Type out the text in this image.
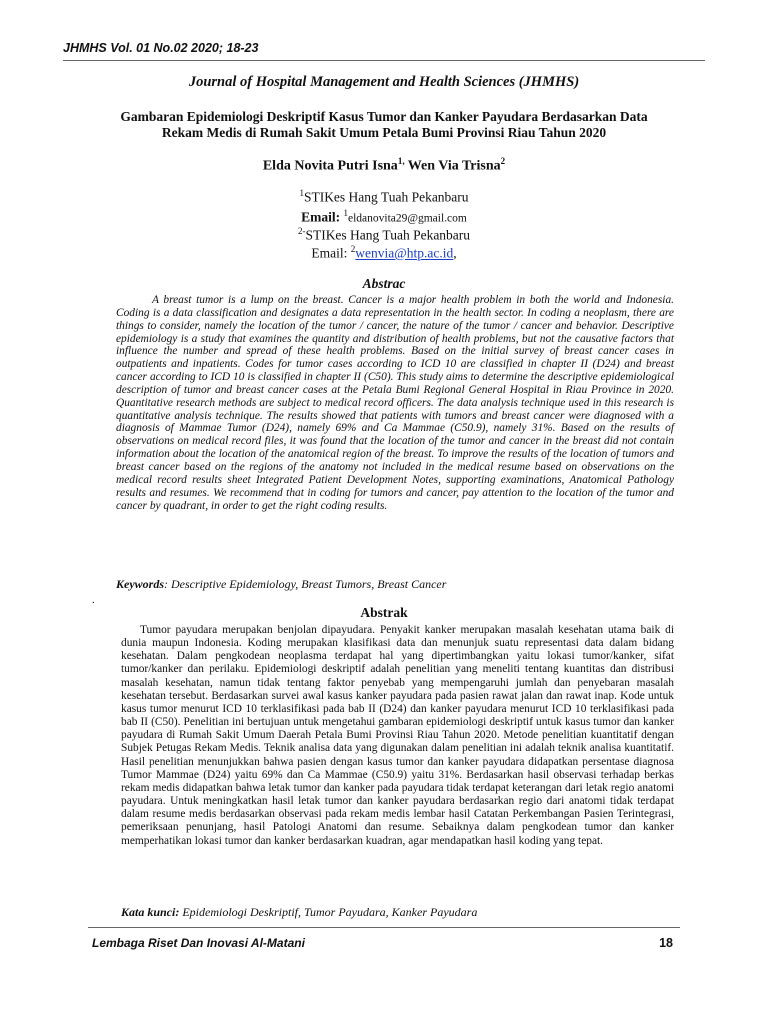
JHMHS Vol. 01 No.02 2020; 18-23
Journal of Hospital Management and Health Sciences (JHMHS)
Gambaran Epidemiologi Deskriptif Kasus Tumor dan Kanker Payudara Berdasarkan Data Rekam Medis di Rumah Sakit Umum Petala Bumi Provinsi Riau Tahun 2020
Elda Novita Putri Isna$^{1,}$ Wen Via Trisna$^2$
$^1$STIKes Hang Tuah Pekanbaru
Email: $^1$eldanovita29@gmail.com
$^{2-}$STIKes Hang Tuah Pekanbaru
Email: $^2$wenvia@htp.ac.id,
Abstrac

A breast tumor is a lump on the breast. Cancer is a major health problem in both the world and Indonesia. Coding is a data classification and designates a data representation in the health sector. In coding a neoplasm, there are things to consider, namely the location of the tumor / cancer, the nature of the tumor / cancer and behavior. Descriptive epidemiology is a study that examines the quantity and distribution of health problems, but not the causative factors that influence the number and spread of these health problems. Based on the initial survey of breast cancer cases in outpatients and inpatients. Codes for tumor cases according to ICD 10 are classified in chapter II (D24) and breast cancer according to ICD 10 is classified in chapter II (C50). This study aims to determine the descriptive epidemiological description of tumor and breast cancer cases at the Petala Bumi Regional General Hospital in Riau Province in 2020. Quantitative research methods are subject to medical record officers. The data analysis technique used in this research is quantitative analysis technique. The results showed that patients with tumors and breast cancer were diagnosed with a diagnosis of Mammae Tumor (D24), namely 69% and Ca Mammae (C50.9), namely 31%. Based on the results of observations on medical record files, it was found that the location of the tumor and cancer in the breast did not contain information about the location of the anatomical region of the breast. To improve the results of the location of tumors and breast cancer based on the regions of the anatomy not included in the medical resume based on observations on the medical record results sheet Integrated Patient Development Notes, supporting examinations, Anatomical Pathology results and resumes. We recommend that in coding for tumors and cancer, pay attention to the location of the tumor and cancer by quadrant, in order to get the right coding results.

Keywords: Descriptive Epidemiology, Breast Tumors, Breast Cancer
.
Abstrak

Tumor payudara merupakan benjolan dipayudara. Penyakit kanker merupakan masalah kesehatan utama baik di dunia maupun Indonesia. Koding merupakan klasifikasi data dan menunjuk suatu representasi data dalam bidang kesehatan. Dalam pengkodean neoplasma terdapat hal yang dipertimbangkan yaitu lokasi tumor/kanker, sifat tumor/kanker dan perilaku. Epidemiologi deskriptif adalah penelitian yang meneliti tentang kuantitas dan distribusi masalah kesehatan, namun tidak tentang faktor penyebab yang mempengaruhi jumlah dan penyebaran masalah kesehatan tersebut. Berdasarkan survei awal kasus kanker payudara pada pasien rawat jalan dan rawat inap. Kode untuk kasus tumor menurut ICD 10 terklasifikasi pada bab II (D24) dan kanker payudara menurut ICD 10 terklasifikasi pada bab II (C50). Penelitian ini bertujuan untuk mengetahui gambaran epidemiologi deskriptif untuk kasus tumor dan kanker payudara di Rumah Sakit Umum Daerah Petala Bumi Provinsi Riau Tahun 2020. Metode penelitian kuantitatif dengan Subjek Petugas Rekam Medis. Teknik analisa data yang digunakan dalam penelitian ini adalah teknik analisa kuantitatif. Hasil penelitian menunjukkan bahwa pasien dengan kasus tumor dan kanker payudara didapatkan persentase diagnosa Tumor Mammae (D24) yaitu 69% dan Ca Mammae (C50.9) yaitu 31%. Berdasarkan hasil observasi terhadap berkas rekam medis didapatkan bahwa letak tumor dan kanker pada payudara tidak terdapat keterangan dari letak regio anatomi payudara. Untuk meningkatkan hasil letak tumor dan kanker payudara berdasarkan regio dari anatomi tidak terdapat dalam resume medis berdasarkan observasi pada rekam medis lembar hasil Catatan Perkembangan Pasien Terintegrasi, pemeriksaan penunjang, hasil Patologi Anatomi dan resume. Sebaiknya dalam pengkodean tumor dan kanker memperhatikan lokasi tumor dan kanker berdasarkan kuadran, agar mendapatkan hasil koding yang tepat.

Kata kunci: Epidemiologi Deskriptif, Tumor Payudara, Kanker Payudara
Lembaga Riset Dan Inovasi Al-Matani	18
